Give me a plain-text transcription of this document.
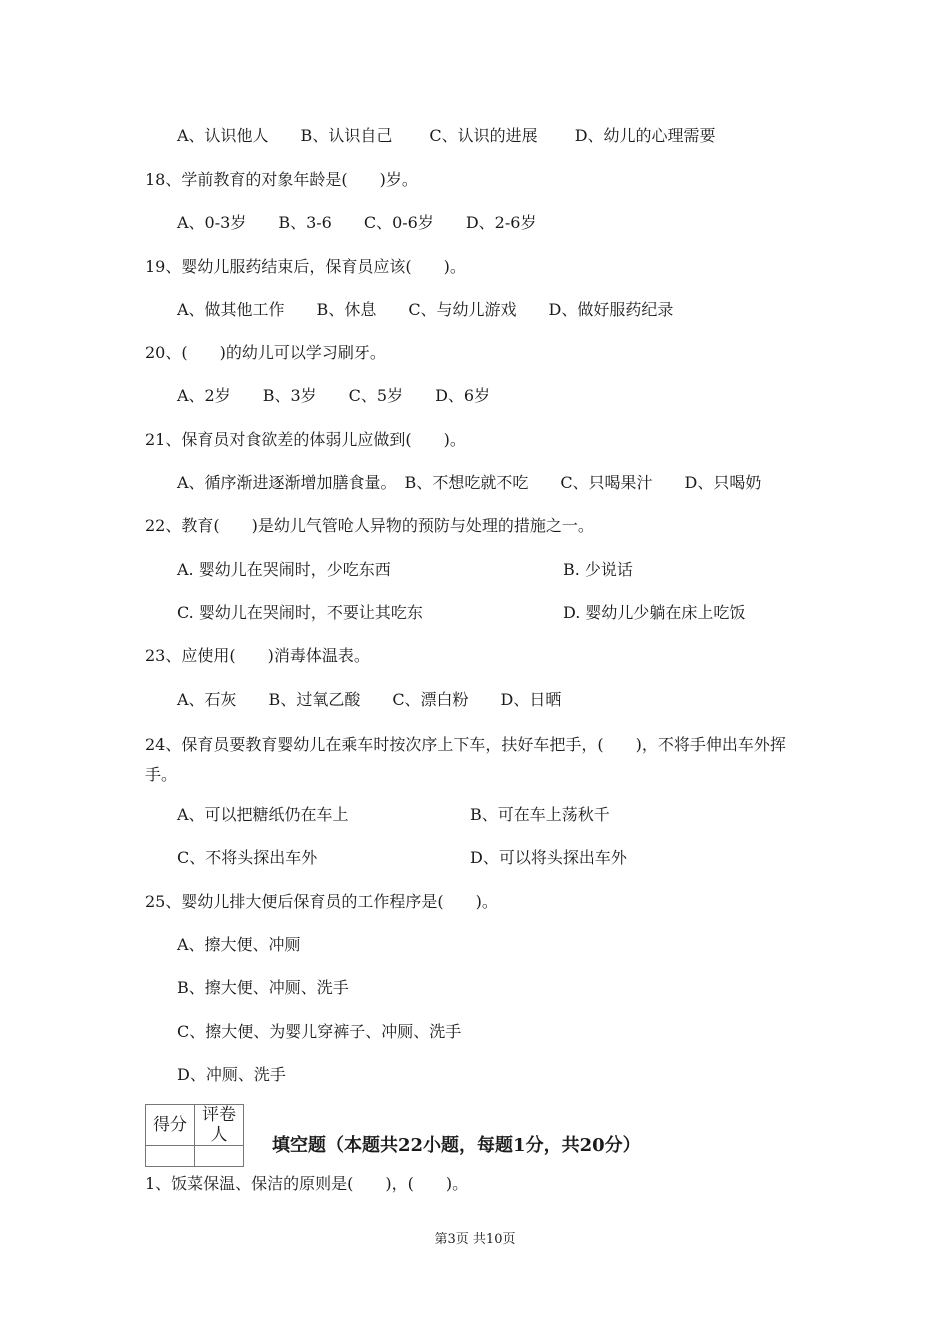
A、认识他人　　B、认识自己　　 C、认识的进展　　 D、幼儿的心理需要
18、学前教育的对象年龄是(　　)岁。
A、0-3岁　　B、3-6　　C、0-6岁　　D、2-6岁
19、婴幼儿服药结束后，保育员应该(　　)。
A、做其他工作　　B、休息　　C、与幼儿游戏　　D、做好服药纪录
20、(　　)的幼儿可以学习刷牙。
A、2岁　　B、3岁　　C、5岁　　D、6岁
21、保育员对食欲差的体弱儿应做到(　　)。
A、循序渐进逐渐增加膳食量。　B、不想吃就不吃　　C、只喝果汁　　D、只喝奶
22、教育(　　)是幼儿气管呛人异物的预防与处理的措施之一。
A. 婴幼儿在哭闹时，少吃东西	B. 少说话
C. 婴幼儿在哭闹时，不要让其吃东	D. 婴幼儿少躺在床上吃饭
23、应使用(　　)消毒体温表。
A、石灰　　B、过氧乙酸　　C、漂白粉　　D、日晒
24、保育员要教育婴幼儿在乘车时按次序上下车，扶好车把手，(　　)，不将手伸出车外挥手。
A、可以把糖纸仍在车上	B、可在车上荡秋千
C、不将头探出车外	D、可以将头探出车外
25、婴幼儿排大便后保育员的工作程序是(　　)。
A、擦大便、冲厕
B、擦大便、冲厕、洗手
C、擦大便、为婴儿穿裤子、冲厕、洗手
D、冲厕、洗手
得分	评卷人
	填空题（本题共22小题，每题1分，共20分）
1、饭菜保温、保洁的原则是(　　)，(　　)。
第3页 共10页
